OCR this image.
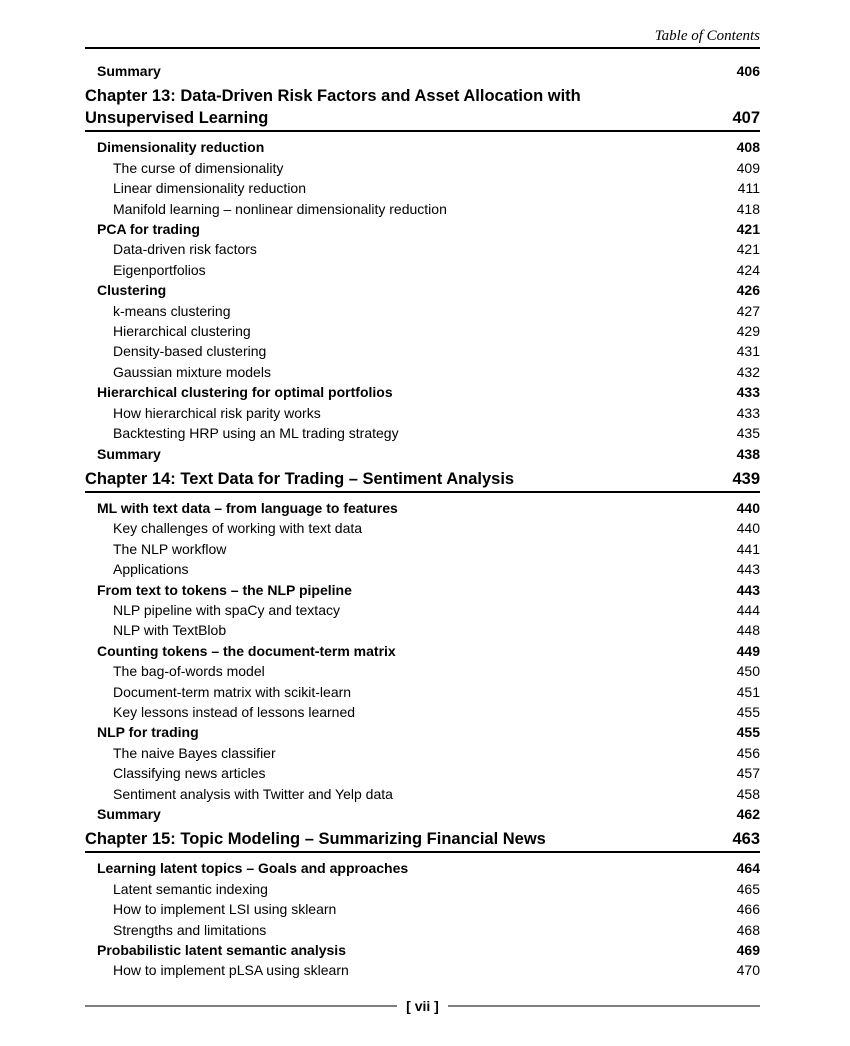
Table of Contents
Summary	406
Chapter 13: Data-Driven Risk Factors and Asset Allocation with Unsupervised Learning	407
Dimensionality reduction	408
The curse of dimensionality	409
Linear dimensionality reduction	411
Manifold learning – nonlinear dimensionality reduction	418
PCA for trading	421
Data-driven risk factors	421
Eigenportfolios	424
Clustering	426
k-means clustering	427
Hierarchical clustering	429
Density-based clustering	431
Gaussian mixture models	432
Hierarchical clustering for optimal portfolios	433
How hierarchical risk parity works	433
Backtesting HRP using an ML trading strategy	435
Summary	438
Chapter 14: Text Data for Trading – Sentiment Analysis	439
ML with text data – from language to features	440
Key challenges of working with text data	440
The NLP workflow	441
Applications	443
From text to tokens – the NLP pipeline	443
NLP pipeline with spaCy and textacy	444
NLP with TextBlob	448
Counting tokens – the document-term matrix	449
The bag-of-words model	450
Document-term matrix with scikit-learn	451
Key lessons instead of lessons learned	455
NLP for trading	455
The naive Bayes classifier	456
Classifying news articles	457
Sentiment analysis with Twitter and Yelp data	458
Summary	462
Chapter 15: Topic Modeling – Summarizing Financial News	463
Learning latent topics – Goals and approaches	464
Latent semantic indexing	465
How to implement LSI using sklearn	466
Strengths and limitations	468
Probabilistic latent semantic analysis	469
How to implement pLSA using sklearn	470
[ vii ]
